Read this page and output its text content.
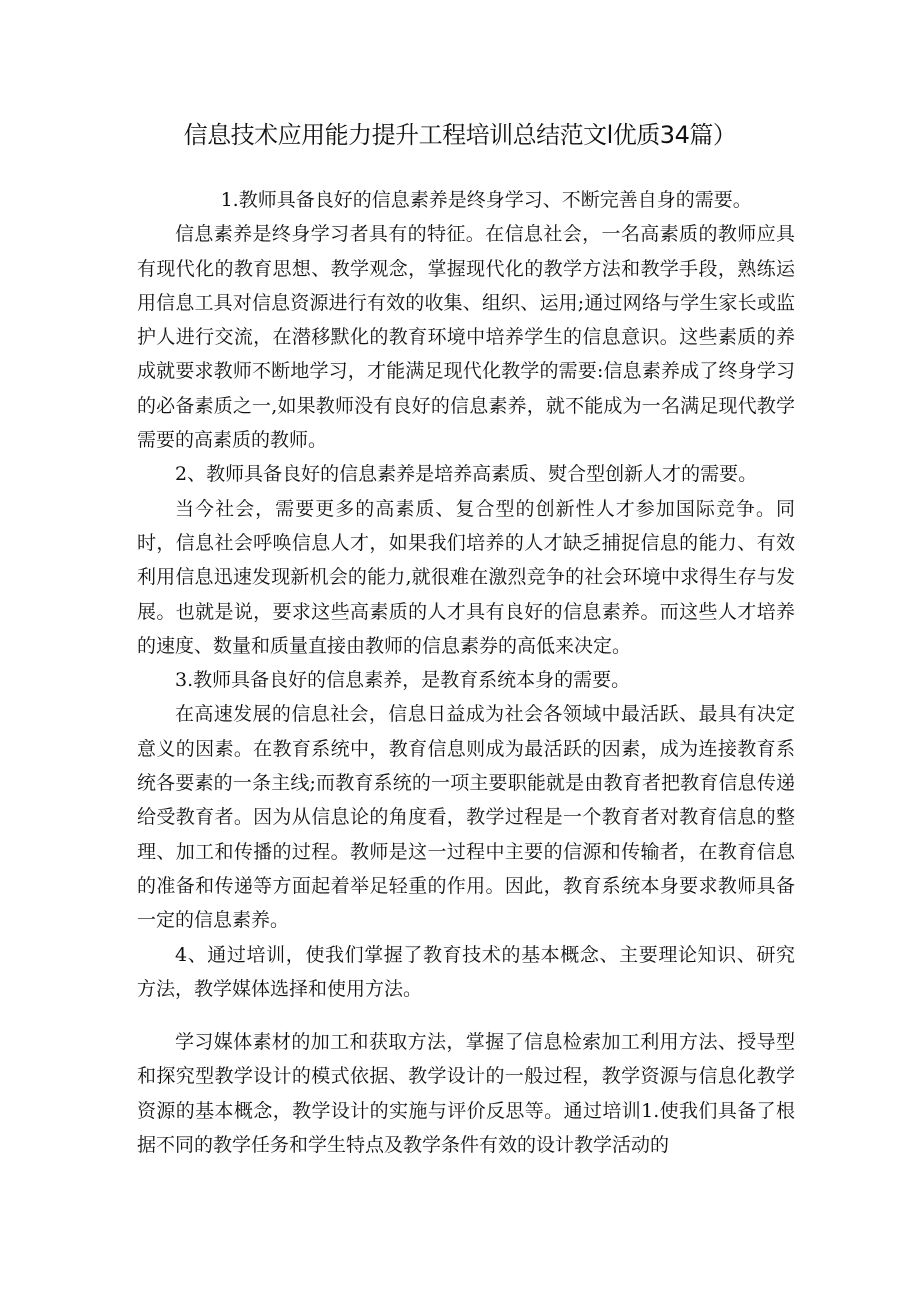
信息技术应用能力提升工程培训总结范文l优质34篇）

1.教师具备良好的信息素养是终身学习、不断完善自身的需要。

信息素养是终身学习者具有的特征。在信息社会，一名高素质的教师应具有现代化的教育思想、教学观念，掌握现代化的教学方法和教学手段，熟练运用信息工具对信息资源进行有效的收集、组织、运用;通过网络与学生家长或监护人进行交流，在潜移默化的教育环境中培养学生的信息意识。这些素质的养成就要求教师不断地学习，才能满足现代化教学的需要:信息素养成了终身学习的必备素质之一,如果教师没有良好的信息素养，就不能成为一名满足现代教学需要的高素质的教师。

2、教师具备良好的信息素养是培养高素质、熨合型创新人才的需要。

当今社会，需要更多的高素质、复合型的创新性人才参加国际竞争。同时，信息社会呼唤信息人才，如果我们培养的人才缺乏捕捉信息的能力、有效利用信息迅速发现新机会的能力,就很难在激烈竞争的社会环境中求得生存与发展。也就是说，要求这些高素质的人才具有良好的信息素养。而这些人才培养的速度、数量和质量直接由教师的信息素券的高低来决定。

3.教师具备良好的信息素养，是教育系统本身的需要。

在高速发展的信息社会，信息日益成为社会各领域中最活跃、最具有决定意义的因素。在教育系统中，教育信息则成为最活跃的因素，成为连接教育系统各要素的一条主线;而教育系统的一项主要职能就是由教育者把教育信息传递给受教育者。因为从信息论的角度看，教学过程是一个教育者对教育信息的整理、加工和传播的过程。教师是这一过程中主要的信源和传输者，在教育信息的准备和传递等方面起着举足轻重的作用。因此，教育系统本身要求教师具备一定的信息素养。

4、通过培训，使我们掌握了教育技术的基本概念、主要理论知识、研究方法，教学媒体选择和使用方法。

学习媒体素材的加工和获取方法，掌握了信息检索加工利用方法、授导型和探究型教学设计的模式依据、教学设计的一般过程，教学资源与信息化教学资源的基本概念，教学设计的实施与评价反思等。通过培训1.使我们具备了根据不同的教学任务和学生特点及教学条件有效的设计教学活动的
